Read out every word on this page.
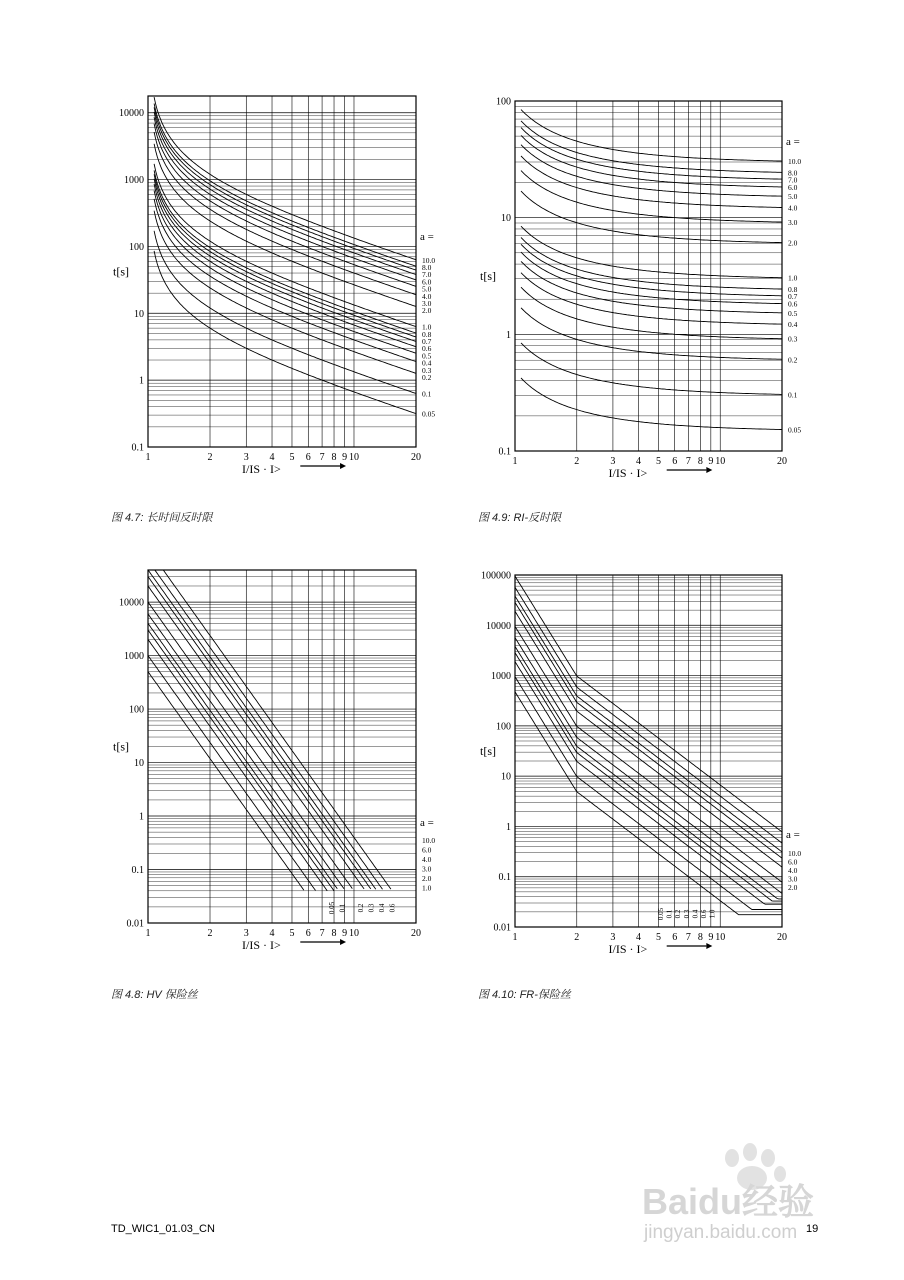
1	2	3 4 5 6 7 8 9 10	20
0.1
1
10
100
1000
10000
t[s]
I/IS · I>
a =
10.0
8.0
7.0
6.0
5.0
4.0
3.0
2.0
1.0
0.8
0.7
0.6
0.5
0.4
0.3
0.2
0.1
0.05
1	2	3 4 5 6 7 8 9 10	20
0.1
1
10
100
t[s]
I/IS · I>
a =
10.0
8.0
7.0
6.0
5.0
4.0
3.0
2.0
1.0
0.8
0.7
0.6
0.5
0.4
0.3
0.2
0.1
0.05
1	2	3 4 5 6 7 8 9 10	20
0.01
0.1
1
10
100
1000
10000
t[s]
I/IS · I>
a =
10.0
6.0
4.0
3.0
2.0
1.0
0.05 0.1 0.2 0.3 0.4 0.6
1	2	3 4 5 6 7 8 9 10	20
0.01
0.1
1
10
100
1000
10000
100000
t[s]
I/IS · I>
a =
10.0
6.0
4.0
3.0
2.0
0.05 0.1 0.2 0.3 0.4 0.6 1.0
图 4.7: 长时间反时限	图 4.9: RI-反时限
图 4.8: HV 保险丝	图 4.10: FR-保险丝
TD_WIC1_01.03_CN	19
Baidu经验
jingyan.baidu.com
